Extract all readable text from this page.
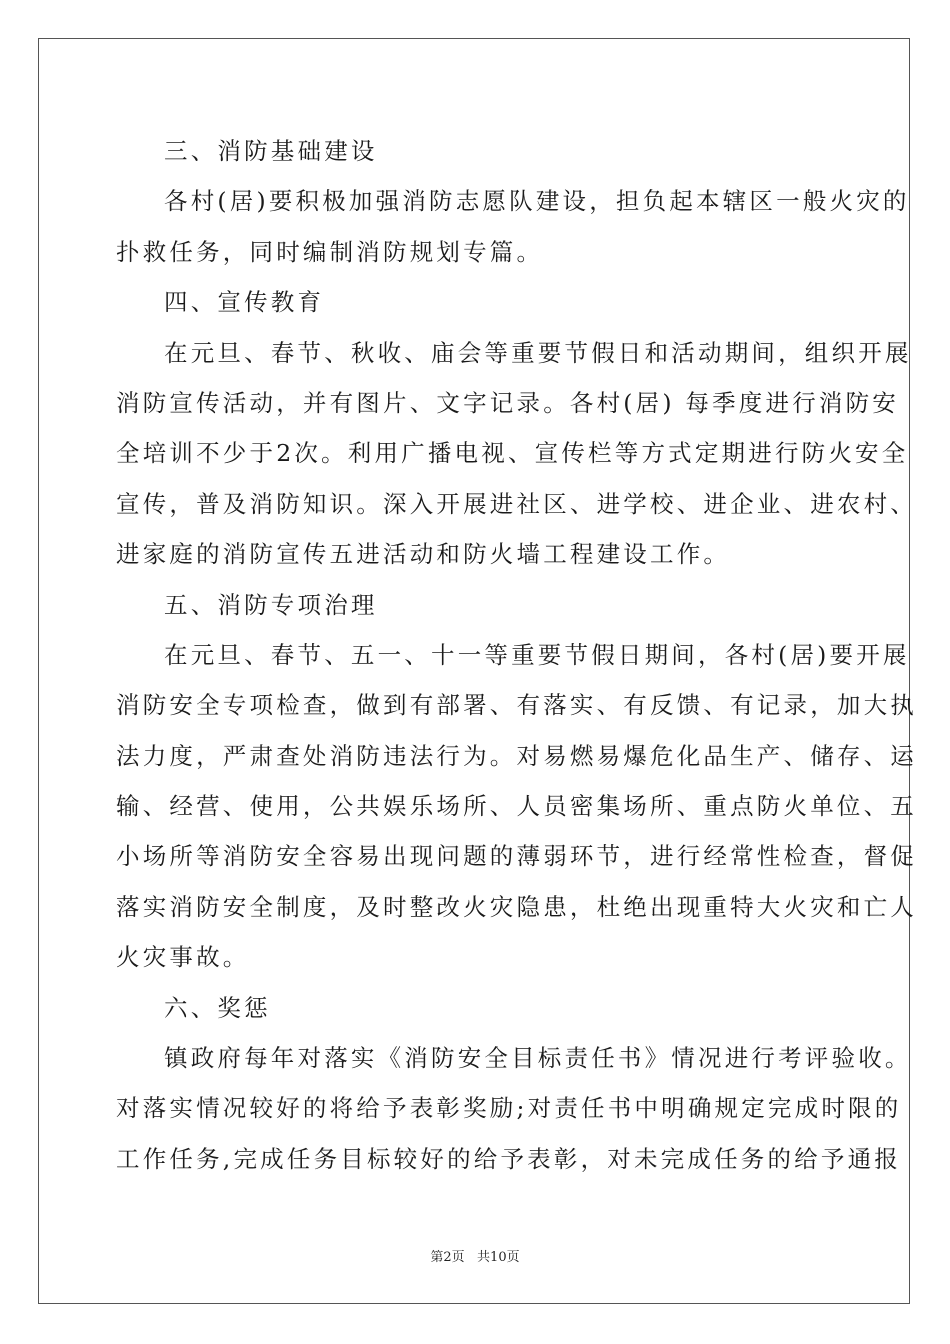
三、消防基础建设
各村(居)要积极加强消防志愿队建设，担负起本辖区一般火灾的
扑救任务，同时编制消防规划专篇。
四、宣传教育
在元旦、春节、秋收、庙会等重要节假日和活动期间，组织开展
消防宣传活动，并有图片、文字记录。各村(居) 每季度进行消防安
全培训不少于2次。利用广播电视、宣传栏等方式定期进行防火安全
宣传，普及消防知识。深入开展进社区、进学校、进企业、进农村、
进家庭的消防宣传五进活动和防火墙工程建设工作。
五、消防专项治理
在元旦、春节、五一、十一等重要节假日期间，各村(居)要开展
消防安全专项检查，做到有部署、有落实、有反馈、有记录，加大执
法力度，严肃查处消防违法行为。对易燃易爆危化品生产、储存、运
输、经营、使用，公共娱乐场所、人员密集场所、重点防火单位、五
小场所等消防安全容易出现问题的薄弱环节，进行经常性检查，督促
落实消防安全制度，及时整改火灾隐患，杜绝出现重特大火灾和亡人
火灾事故。
六、奖惩
镇政府每年对落实《消防安全目标责任书》情况进行考评验收。
对落实情况较好的将给予表彰奖励;对责任书中明确规定完成时限的
工作任务,完成任务目标较好的给予表彰，对未完成任务的给予通报
第2页   共10页
